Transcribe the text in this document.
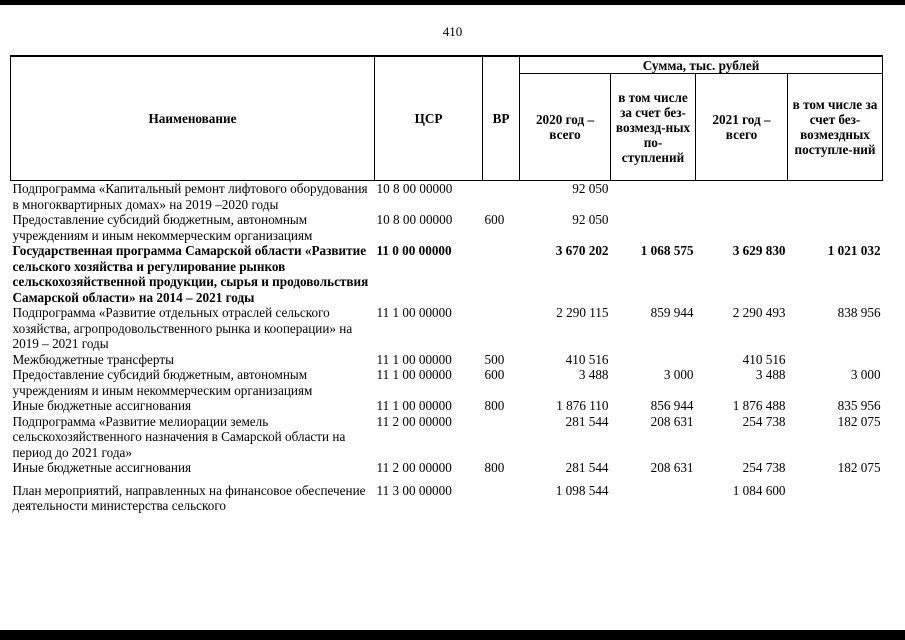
410
Наименование	ЦСР	ВР	Сумма, тыс. рублей			
			2020 год – всего	в том числе за счет без-возмезд-ных по-ступлений	2021 год – всего	в том числе за счет без-возмездных поступле-ний
Подпрограмма «Капитальный ремонт лифтового оборудования в многоквартирных домах» на 2019 –2020 годы	10 8 00 00000		92 050			
Предоставление субсидий бюджетным, автономным учреждениям и иным некоммерческим организациям	10 8 00 00000	600	92 050			
Государственная программа Самарской области «Развитие сельского хозяйства и регулирование рынков сельскохозяйственной продукции, сырья и продовольствия Самарской области» на 2014 – 2021 годы	11 0 00 00000		3 670 202	1 068 575	3 629 830	1 021 032
Подпрограмма «Развитие отдельных отраслей сельского хозяйства, агропродовольственного рынка и кооперации» на 2019 – 2021 годы	11 1 00 00000		2 290 115	859 944	2 290 493	838 956
Межбюджетные трансферты	11 1 00 00000	500	410 516		410 516	
Предоставление субсидий бюджетным, автономным учреждениям и иным некоммерческим организациям	11 1 00 00000	600	3 488	3 000	3 488	3 000
Иные бюджетные ассигнования	11 1 00 00000	800	1 876 110	856 944	1 876 488	835 956
Подпрограмма «Развитие мелиорации земель сельскохозяйственного назначения в Самарской области на период до 2021 года»	11 2 00 00000		281 544	208 631	254 738	182 075
Иные бюджетные ассигнования	11 2 00 00000	800	281 544	208 631	254 738	182 075
План мероприятий, направленных на финансовое обеспечение деятельности министерства сельского	11 3 00 00000		1 098 544		1 084 600	
